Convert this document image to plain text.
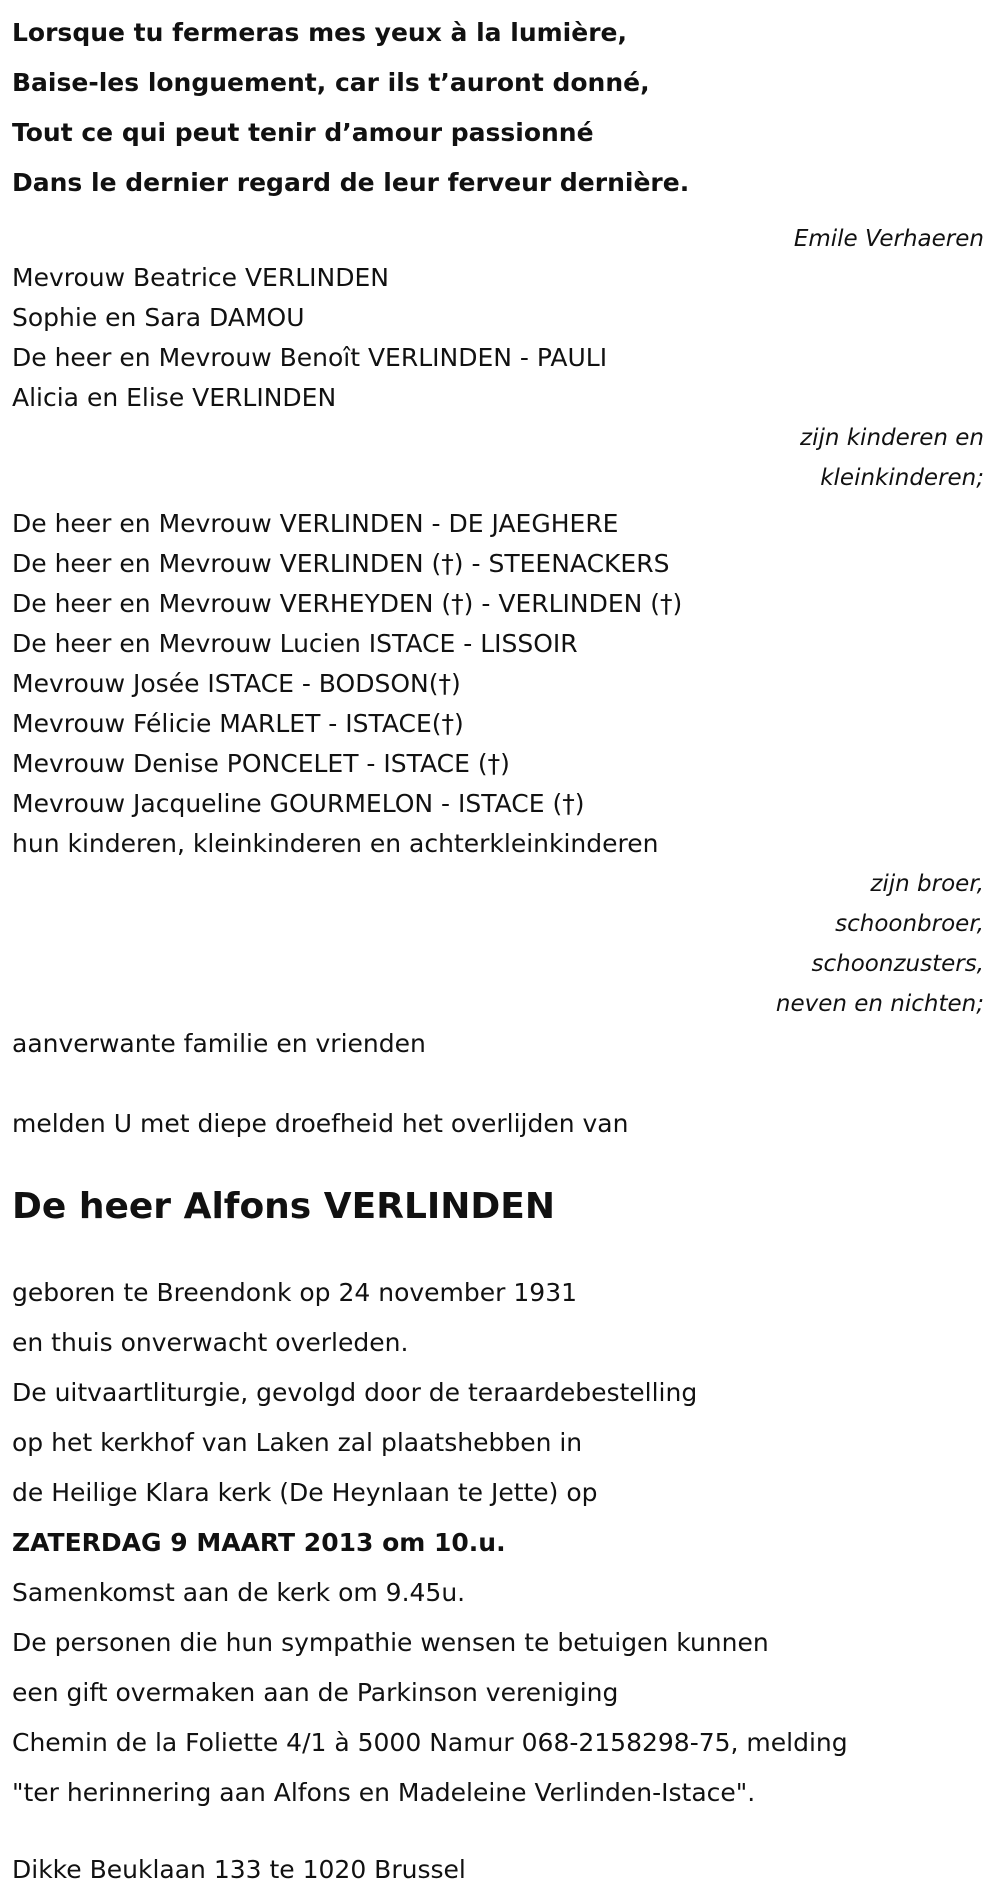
Lorsque tu fermeras mes yeux à la lumière,
Baise-les longuement, car ils t’auront donné,
Tout ce qui peut tenir d’amour passionné
Dans le dernier regard de leur ferveur dernière.
Emile Verhaeren
Mevrouw Beatrice VERLINDEN
Sophie en Sara DAMOU
De heer en Mevrouw Benoît VERLINDEN - PAULI
Alicia en Elise VERLINDEN
zijn kinderen en
kleinkinderen;
De heer en Mevrouw VERLINDEN - DE JAEGHERE
De heer en Mevrouw VERLINDEN (†) - STEENACKERS
De heer en Mevrouw VERHEYDEN (†) - VERLINDEN (†)
De heer en Mevrouw Lucien ISTACE - LISSOIR
Mevrouw Josée ISTACE - BODSON(†)
Mevrouw Félicie MARLET - ISTACE(†)
Mevrouw Denise PONCELET - ISTACE (†)
Mevrouw Jacqueline GOURMELON - ISTACE (†)
hun kinderen, kleinkinderen en achterkleinkinderen
zijn broer,
schoonbroer,
schoonzusters,
neven en nichten;
aanverwante familie en vrienden
melden U met diepe droefheid het overlijden van
De heer Alfons VERLINDEN
geboren te Breendonk op 24 november 1931
en thuis onverwacht overleden.
De uitvaartliturgie, gevolgd door de teraardebestelling
op het kerkhof van Laken zal plaatshebben in
de Heilige Klara kerk (De Heynlaan te Jette) op
ZATERDAG 9 MAART 2013 om 10.u.
Samenkomst aan de kerk om 9.45u.
De personen die hun sympathie wensen te betuigen kunnen
een gift overmaken aan de Parkinson vereniging
Chemin de la Foliette 4/1 à 5000 Namur 068-2158298-75, melding
"ter herinnering aan Alfons en Madeleine Verlinden-Istace".
Dikke Beuklaan 133 te 1020 Brussel
